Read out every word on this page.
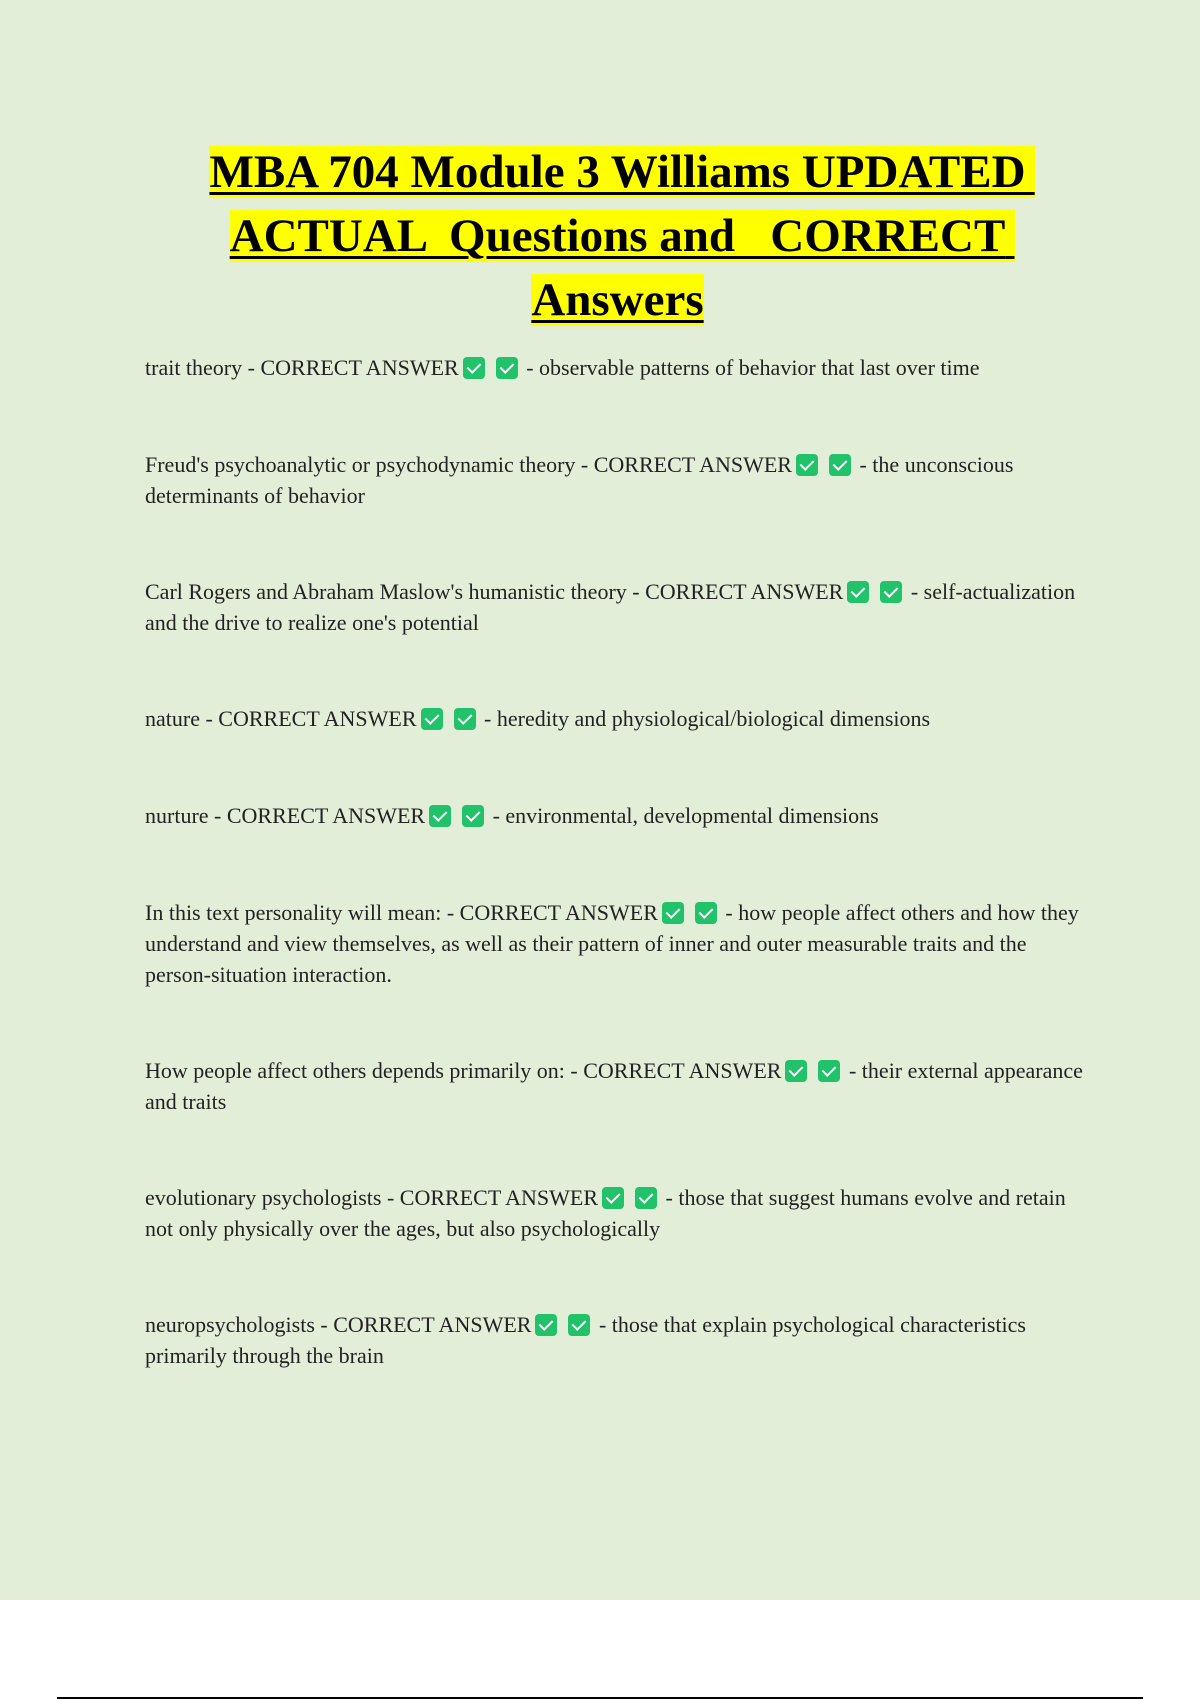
MBA 704 Module 3 Williams UPDATED ACTUAL  Questions and   CORRECT Answers
trait theory - CORRECT ANSWER	- observable patterns of behavior that last over time
Freud's psychoanalytic or psychodynamic theory - CORRECT ANSWER	- the unconscious determinants of behavior
Carl Rogers and Abraham Maslow's humanistic theory - CORRECT ANSWER	- self-actualization and the drive to realize one's potential
nature - CORRECT ANSWER	- heredity and physiological/biological dimensions
nurture - CORRECT ANSWER	- environmental, developmental dimensions
In this text personality will mean: - CORRECT ANSWER	- how people affect others and how they understand and view themselves, as well as their pattern of inner and outer measurable traits and the person-situation interaction.
How people affect others depends primarily on: - CORRECT ANSWER	- their external appearance and traits
evolutionary psychologists - CORRECT ANSWER	- those that suggest humans evolve and retain not only physically over the ages, but also psychologically
neuropsychologists - CORRECT ANSWER	- those that explain psychological characteristics primarily through the brain
